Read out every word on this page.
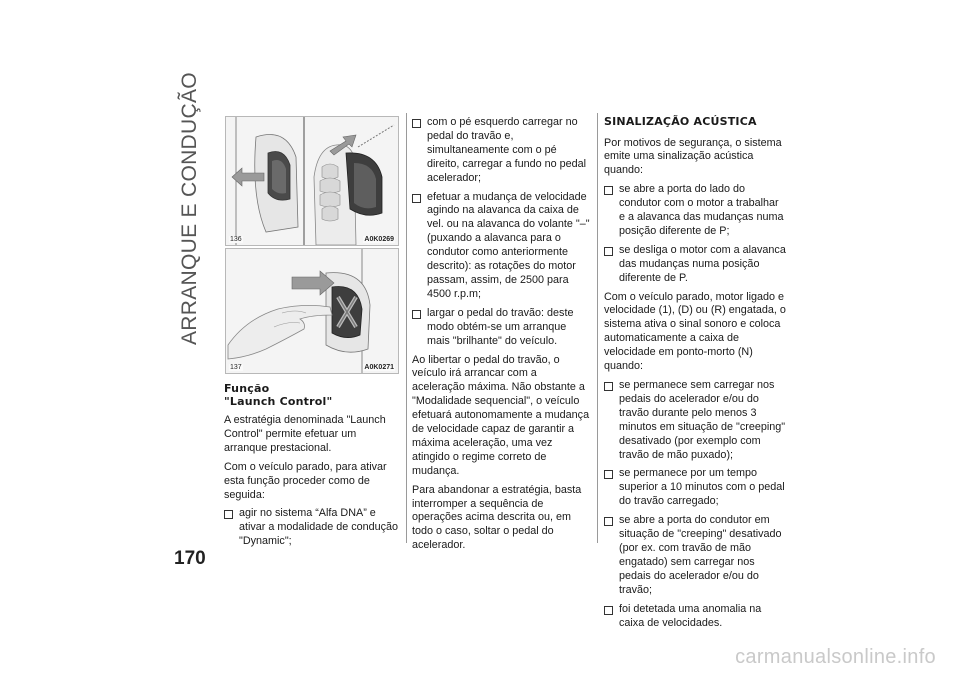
ARRANQUE E CONDUÇÃO	136	A0K0269
137	A0K0271
Função
"Launch Control"

A estratégia denominada "Launch Control" permite efetuar um arranque prestacional.

Com o veículo parado, para ativar esta função proceder como de seguida:

agir no sistema “Alfa DNA” e ativar a modalidade de condução "Dynamic";
com o pé esquerdo carregar no pedal do travão e, simultaneamente com o pé direito, carregar a fundo no pedal acelerador;
efetuar a mudança de velocidade agindo na alavanca da caixa de vel. ou na alavanca do volante "–" (puxando a alavanca para o condutor como anteriormente descrito): as rotações do motor passam, assim, de 2500 para 4500 r.p.m;
largar o pedal do travão: deste modo obtém-se um arranque mais "brilhante" do veículo.

Ao libertar o pedal do travão, o veículo irá arrancar com a aceleração máxima. Não obstante a "Modalidade sequencial", o veículo efetuará autonomamente a mudança de velocidade capaz de garantir a máxima aceleração, uma vez atingido o regime correto de mudança.

Para abandonar a estratégia, basta interromper a sequência de operações acima descrita ou, em todo o caso, soltar o pedal do acelerador.

SINALIZAÇÃO ACÚSTICA

Por motivos de segurança, o sistema emite uma sinalização acústica quando:

se abre a porta do lado do condutor com o motor a trabalhar e a alavanca das mudanças numa posição diferente de P;
se desliga o motor com a alavanca das mudanças numa posição diferente de P.

Com o veículo parado, motor ligado e velocidade (1), (D) ou (R) engatada, o sistema ativa o sinal sonoro e coloca automaticamente a caixa de velocidade em ponto-morto (N) quando:

se permanece sem carregar nos pedais do acelerador e/ou do travão durante pelo menos 3 minutos em situação de "creeping" desativado (por exemplo com travão de mão puxado);
se permanece por um tempo superior a 10 minutos com o pedal do travão carregado;
se abre a porta do condutor em situação de "creeping" desativado (por ex. com travão de mão engatado) sem carregar nos pedais do acelerador e/ou do travão;
foi detetada uma anomalia na caixa de velocidades.
170
carmanualsonline.info
